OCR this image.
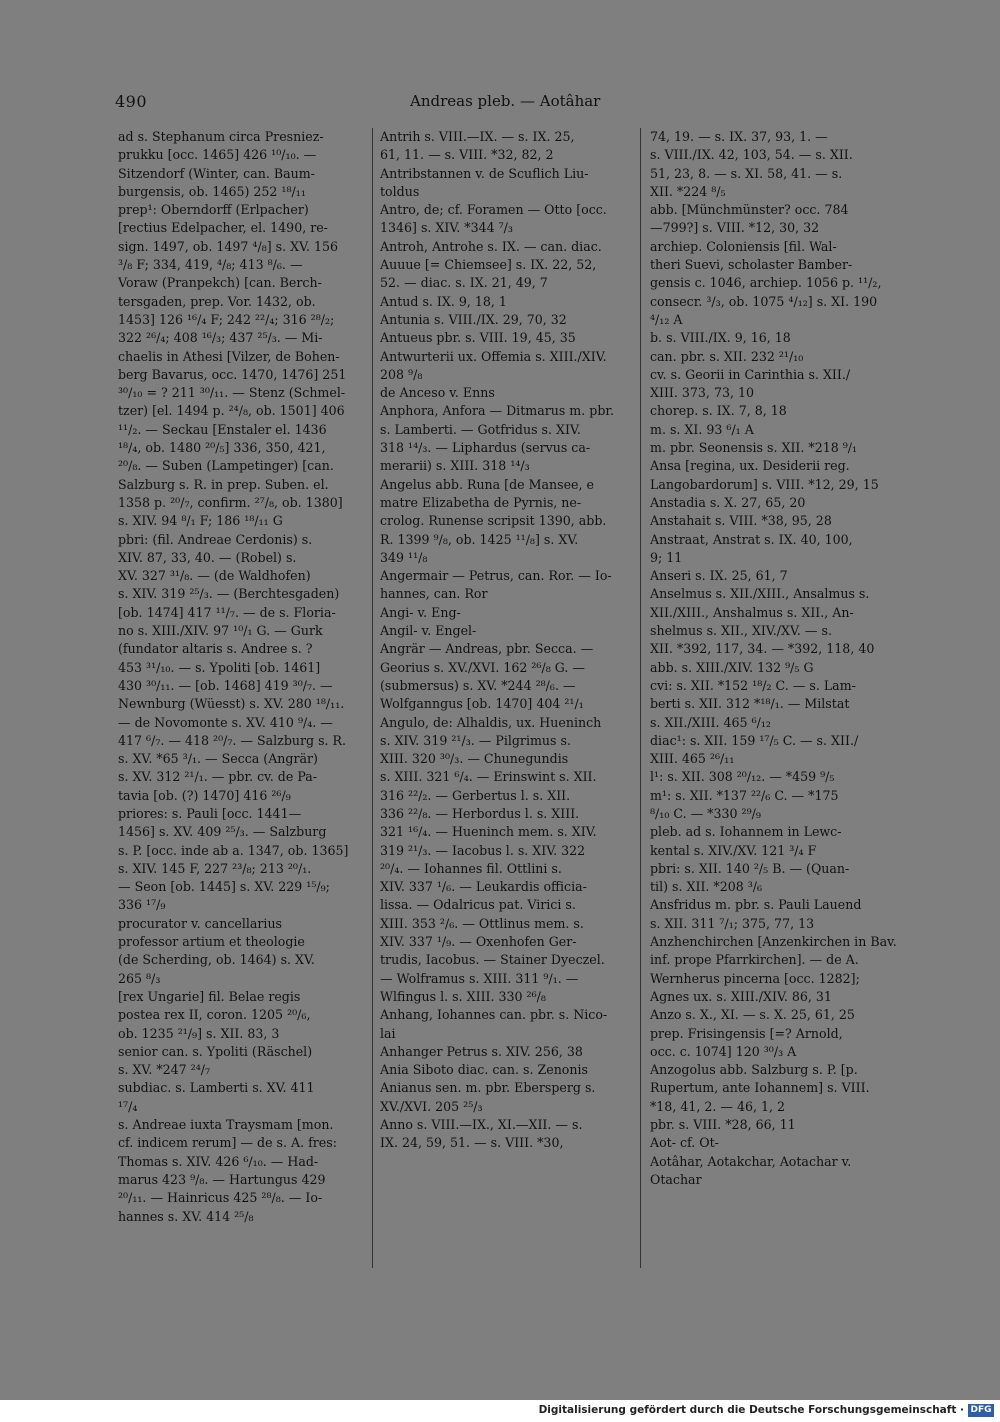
490	Andreas pleb. — Aotâhar
ad s. Stephanum circa Presniez-
prukku [occ. 1465] 426 ¹⁰/₁₀. —
Sitzendorf (Winter, can. Baum-
burgensis, ob. 1465) 252 ¹⁸/₁₁
prep¹: Oberndorff (Erlpacher)
[rectius Edelpacher, el. 1490, re-
sign. 1497, ob. 1497 ⁴/₈] s. XV. 156
³/₈ F; 334, 419, ⁴/₈; 413 ⁸/₆. —
Voraw (Pranpekch) [can. Berch-
tersgaden, prep. Vor. 1432, ob.
1453] 126 ¹⁶/₄ F; 242 ²²/₄; 316 ²⁸/₂;
322 ²⁶/₄; 408 ¹⁶/₃; 437 ²⁵/₃. — Mi-
chaelis in Athesi [Vilzer, de Bohen-
berg Bavarus, occ. 1470, 1476] 251
³⁰/₁₀ = ? 211 ³⁰/₁₁. — Stenz (Schmel-
tzer) [el. 1494 p. ²⁴/₈, ob. 1501] 406
¹¹/₂. — Seckau [Enstaler el. 1436
¹⁸/₄, ob. 1480 ²⁰/₅] 336, 350, 421,
²⁰/₈. — Suben (Lampetinger) [can.
Salzburg s. R. in prep. Suben. el.
1358 p. ²⁰/₇, confirm. ²⁷/₈, ob. 1380]
s. XIV. 94 ⁸/₁ F; 186 ¹⁸/₁₁ G
pbri: (fil. Andreae Cerdonis) s.
XIV. 87, 33, 40. — (Robel) s.
XV. 327 ³¹/₈. — (de Waldhofen)
s. XIV. 319 ²⁵/₃. — (Berchtesgaden)
[ob. 1474] 417 ¹¹/₇. — de s. Floria-
no s. XIII./XIV. 97 ¹⁰/₁ G. — Gurk
(fundator altaris s. Andree s. ?
453 ³¹/₁₀. — s. Ypoliti [ob. 1461]
430 ³⁰/₁₁. — [ob. 1468] 419 ³⁰/₇. —
Newnburg (Wüesst) s. XV. 280 ¹⁸/₁₁.
— de Novomonte s. XV. 410 ⁹/₄. —
417 ⁶/₇. — 418 ²⁰/₇. — Salzburg s. R.
s. XV. *65 ³/₁. — Secca (Angrär)
s. XV. 312 ²¹/₁. — pbr. cv. de Pa-
tavia [ob. (?) 1470] 416 ²⁶/₉
priores: s. Pauli [occ. 1441—
1456] s. XV. 409 ²⁵/₃. — Salzburg
s. P. [occ. inde ab a. 1347, ob. 1365]
s. XIV. 145 F, 227 ²³/₈; 213 ²⁰/₁.
— Seon [ob. 1445] s. XV. 229 ¹⁵/₉;
336 ¹⁷/₉
procurator v. cancellarius
professor artium et theologie
(de Scherding, ob. 1464) s. XV.
265 ⁸/₃
[rex Ungarie] fil. Belae regis
postea rex II, coron. 1205 ²⁰/₆,
ob. 1235 ²¹/₉] s. XII. 83, 3
senior can. s. Ypoliti (Räschel)
s. XV. *247 ²⁴/₇
subdiac. s. Lamberti s. XV. 411
¹⁷/₄
s. Andreae iuxta Traysmam [mon.
cf. indicem rerum] — de s. A. fres:
Thomas s. XIV. 426 ⁶/₁₀. — Had-
marus 423 ⁹/₈. — Hartungus 429
²⁰/₁₁. — Hainricus 425 ²⁸/₈. — Io-
hannes s. XV. 414 ²⁵/₈
Antrih s. VIII.—IX. — s. IX. 25,
61, 11. — s. VIII. *32, 82, 2
Antribstannen v. de Scuflich Liu-
toldus
Antro, de; cf. Foramen — Otto [occ.
1346] s. XIV. *344 ⁷/₃
Antroh, Antrohe s. IX. — can. diac.
Auuue [= Chiemsee] s. IX. 22, 52,
52. — diac. s. IX. 21, 49, 7
Antud s. IX. 9, 18, 1
Antunia s. VIII./IX. 29, 70, 32
Antueus pbr. s. VIII. 19, 45, 35
Antwurterii ux. Offemia s. XIII./XIV.
208 ⁹/₈
de Anceso v. Enns
Anphora, Anfora — Ditmarus m. pbr.
s. Lamberti. — Gotfridus s. XIV.
318 ¹⁴/₃. — Liphardus (servus ca-
merarii) s. XIII. 318 ¹⁴/₃
Angelus abb. Runa [de Mansee, e
matre Elizabetha de Pyrnis, ne-
crolog. Runense scripsit 1390, abb.
R. 1399 ⁹/₈, ob. 1425 ¹¹/₈] s. XV.
349 ¹¹/₈
Angermair — Petrus, can. Ror. — Io-
hannes, can. Ror
Angi- v. Eng-
Angil- v. Engel-
Angrär — Andreas, pbr. Secca. —
Georius s. XV./XVI. 162 ²⁶/₈ G. —
(submersus) s. XV. *244 ²⁸/₆. —
Wolfganngus [ob. 1470] 404 ²¹/₁
Angulo, de: Alhaldis, ux. Hueninch
s. XIV. 319 ²¹/₃. — Pilgrimus s.
XIII. 320 ³⁰/₃. — Chunegundis
s. XIII. 321 ⁶/₄. — Erinswint s. XII.
316 ²²/₂. — Gerbertus l. s. XII.
336 ²²/₈. — Herbordus l. s. XIII.
321 ¹⁶/₄. — Hueninch mem. s. XIV.
319 ²¹/₃. — Iacobus l. s. XIV. 322
²⁰/₄. — Iohannes fil. Ottlini s.
XIV. 337 ¹/₆. — Leukardis officia-
lissa. — Odalricus pat. Virici s.
XIII. 353 ²/₆. — Ottlinus mem. s.
XIV. 337 ¹/₉. — Oxenhofen Ger-
trudis, Iacobus. — Stainer Dyeczel.
— Wolframus s. XIII. 311 ⁹/₁. —
Wlfingus l. s. XIII. 330 ²⁶/₈
Anhang, Iohannes can. pbr. s. Nico-
lai
Anhanger Petrus s. XIV. 256, 38
Ania Siboto diac. can. s. Zenonis
Anianus sen. m. pbr. Ebersperg s.
XV./XVI. 205 ²⁵/₃
Anno s. VIII.—IX., XI.—XII. — s.
IX. 24, 59, 51. — s. VIII. *30,
74, 19. — s. IX. 37, 93, 1. —
s. VIII./IX. 42, 103, 54. — s. XII.
51, 23, 8. — s. XI. 58, 41. — s.
XII. *224 ⁸/₅
abb. [Münchmünster? occ. 784
—799?] s. VIII. *12, 30, 32
archiep. Coloniensis [fil. Wal-
theri Suevi, scholaster Bamber-
gensis c. 1046, archiep. 1056 p. ¹¹/₂,
consecr. ³/₃, ob. 1075 ⁴/₁₂] s. XI. 190
⁴/₁₂ A
b. s. VIII./IX. 9, 16, 18
can. pbr. s. XII. 232 ²¹/₁₀
cv. s. Georii in Carinthia s. XII./
XIII. 373, 73, 10
chorep. s. IX. 7, 8, 18
m. s. XI. 93 ⁶/₁ A
m. pbr. Seonensis s. XII. *218 ⁹/₁
Ansa [regina, ux. Desiderii reg.
Langobardorum] s. VIII. *12, 29, 15
Anstadia s. X. 27, 65, 20
Anstahait s. VIII. *38, 95, 28
Anstraat, Anstrat s. IX. 40, 100,
9; 11
Anseri s. IX. 25, 61, 7
Anselmus s. XII./XIII., Ansalmus s.
XII./XIII., Anshalmus s. XII., An-
shelmus s. XII., XIV./XV. — s.
XII. *392, 117, 34. — *392, 118, 40
abb. s. XIII./XIV. 132 ⁹/₅ G
cvi: s. XII. *152 ¹⁸/₂ C. — s. Lam-
berti s. XII. 312 *¹⁸/₁. — Milstat
s. XII./XIII. 465 ⁶/₁₂
diac¹: s. XII. 159 ¹⁷/₅ C. — s. XII./
XIII. 465 ²⁶/₁₁
l¹: s. XII. 308 ²⁰/₁₂. — *459 ⁹/₅
m¹: s. XII. *137 ²²/₆ C. — *175
⁸/₁₀ C. — *330 ²⁹/₉
pleb. ad s. Iohannem in Lewc-
kental s. XIV./XV. 121 ³/₄ F
pbri: s. XII. 140 ²/₅ B. — (Quan-
til) s. XII. *208 ³/₆
Ansfridus m. pbr. s. Pauli Lauend
s. XII. 311 ⁷/₁; 375, 77, 13
Anzhenchirchen [Anzenkirchen in Bav.
inf. prope Pfarrkirchen]. — de A.
Wernherus pincerna [occ. 1282];
Agnes ux. s. XIII./XIV. 86, 31
Anzo s. X., XI. — s. X. 25, 61, 25
prep. Frisingensis [=? Arnold,
occ. c. 1074] 120 ³⁰/₃ A
Anzogolus abb. Salzburg s. P. [p.
Rupertum, ante Iohannem] s. VIII.
*18, 41, 2. — 46, 1, 2
pbr. s. VIII. *28, 66, 11
Aot- cf. Ot-
Aotâhar, Aotakchar, Aotachar v.
Otachar
Digitalisierung gefördert durch die Deutsche Forschungsgemeinschaft · DFG
